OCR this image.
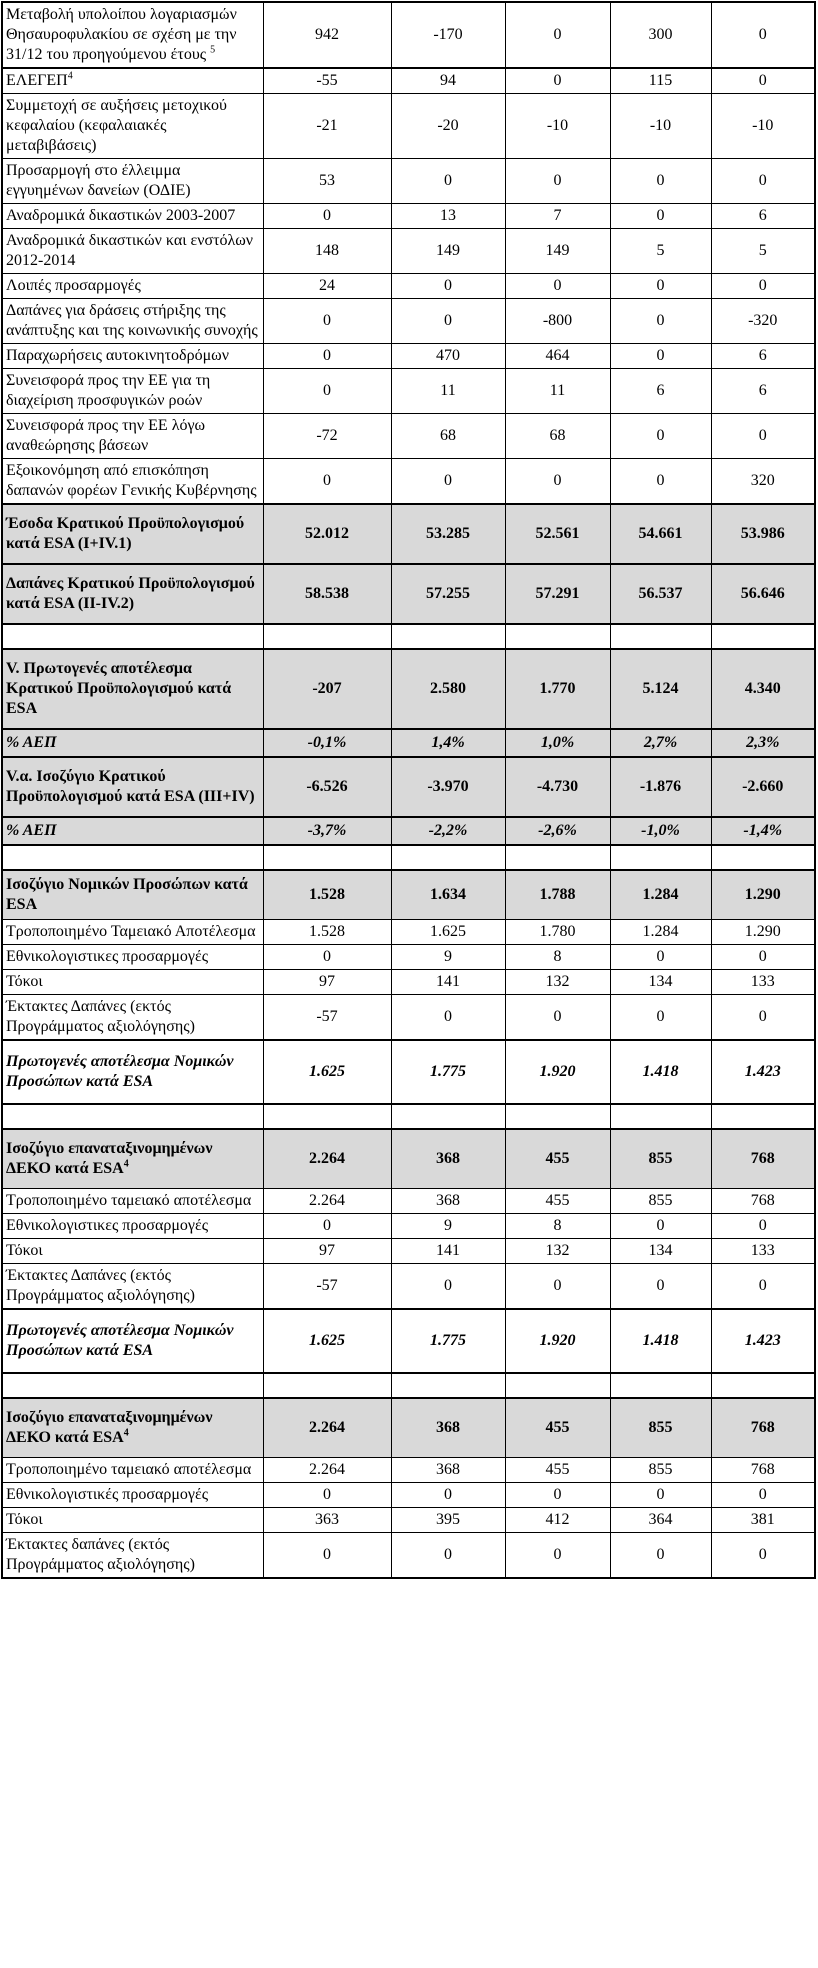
Μεταβολή υπολοίπου λογαριασμών Θησαυροφυλακίου σε σχέση με την 31/12 του προηγούμενου έτους $^5$	942	-170	0	300	0
ΕΛΕΓΕΠ$^4$	-55	94	0	115	0
Συμμετοχή σε αυξήσεις μετοχικού κεφαλαίου (κεφαλαιακές μεταβιβάσεις)	-21	-20	-10	-10	-10
Προσαρμογή στο έλλειμμα εγγυημένων δανείων (ΟΔΙΕ)	53	0	0	0	0
Αναδρομικά δικαστικών 2003-2007	0	13	7	0	6
Αναδρομικά δικαστικών και ενστόλων 2012-2014	148	149	149	5	5
Λοιπές προσαρμογές	24	0	0	0	0
Δαπάνες για δράσεις στήριξης της ανάπτυξης και της κοινωνικής συνοχής	0	0	-800	0	-320
Παραχωρήσεις αυτοκινητοδρόμων	0	470	464	0	6
Συνεισφορά προς την ΕΕ για τη διαχείριση προσφυγικών ροών	0	11	11	6	6
Συνεισφορά προς την ΕΕ λόγω αναθεώρησης βάσεων	-72	68	68	0	0
Εξοικονόμηση από επισκόπηση δαπανών φορέων Γενικής Κυβέρνησης	0	0	0	0	320
Έσοδα Κρατικού Προϋπολογισμού κατά ESA (I+IV.1)	52.012	53.285	52.561	54.661	53.986
Δαπάνες Κρατικού Προϋπολογισμού κατά ESA (II-IV.2)	58.538	57.255	57.291	56.537	56.646

V. Πρωτογενές αποτέλεσμα Κρατικού Προϋπολογισμού κατά ESA	-207	2.580	1.770	5.124	4.340
% ΑΕΠ	-0,1%	1,4%	1,0%	2,7%	2,3%
V.α. Ισοζύγιο Κρατικού Προϋπολογισμού κατά ESA (III+IV)	-6.526	-3.970	-4.730	-1.876	-2.660
% ΑΕΠ	-3,7%	-2,2%	-2,6%	-1,0%	-1,4%

Ισοζύγιο Νομικών Προσώπων κατά ESA	1.528	1.634	1.788	1.284	1.290
Τροποποιημένο Ταμειακό Αποτέλεσμα	1.528	1.625	1.780	1.284	1.290
Εθνικολογιστικες προσαρμογές	0	9	8	0	0
Τόκοι	97	141	132	134	133
Έκτακτες Δαπάνες (εκτός Προγράμματος αξιολόγησης)	-57	0	0	0	0
Πρωτογενές αποτέλεσμα Νομικών Προσώπων κατά ESA	1.625	1.775	1.920	1.418	1.423

Ισοζύγιο επαναταξινομημένων ΔΕΚΟ κατά ESA$^4$	2.264	368	455	855	768
Τροποποιημένο ταμειακό αποτέλεσμα	2.264	368	455	855	768
Εθνικολογιστικες προσαρμογές	0	9	8	0	0
Τόκοι	97	141	132	134	133
Έκτακτες Δαπάνες (εκτός Προγράμματος αξιολόγησης)	-57	0	0	0	0
Πρωτογενές αποτέλεσμα Νομικών Προσώπων κατά ESA	1.625	1.775	1.920	1.418	1.423

Ισοζύγιο επαναταξινομημένων ΔΕΚΟ κατά ESA$^4$	2.264	368	455	855	768
Τροποποιημένο ταμειακό αποτέλεσμα	2.264	368	455	855	768
Εθνικολογιστικές προσαρμογές	0	0	0	0	0
Τόκοι	363	395	412	364	381
Έκτακτες δαπάνες (εκτός Προγράμματος αξιολόγησης)	0	0	0	0	0
